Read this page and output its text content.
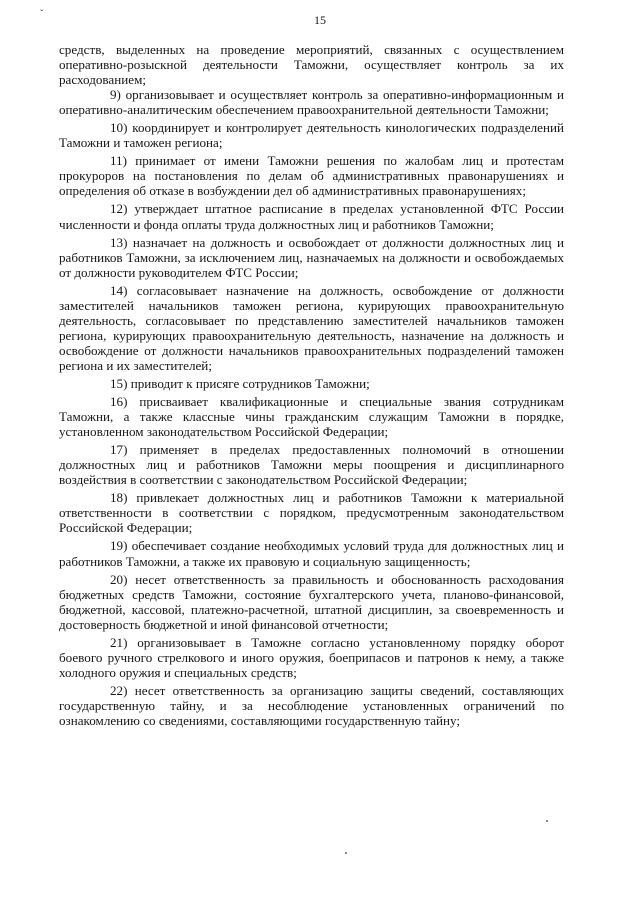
ˇ	15

средств, выделенных на проведение мероприятий, связанных с осуществлением оперативно-розыскной деятельности Таможни, осуществляет контроль за их расходованием;

9) организовывает и осуществляет контроль за оперативно-информационным и оперативно-аналитическим обеспечением правоохранительной деятельности Таможни;

10) координирует и контролирует деятельность кинологических подразделений Таможни и таможен региона;

11) принимает от имени Таможни решения по жалобам лиц и протестам прокуроров на постановления по делам об административных правонарушениях и определения об отказе в возбуждении дел об административных правонарушениях;

12) утверждает штатное расписание в пределах установленной ФТС России численности и фонда оплаты труда должностных лиц и работников Таможни;

13) назначает на должность и освобождает от должности должностных лиц и работников Таможни, за исключением лиц, назначаемых на должности и освобождаемых от должности руководителем ФТС России;

14) согласовывает назначение на должность, освобождение от должности заместителей начальников таможен региона, курирующих правоохранительную деятельность, согласовывает по представлению заместителей начальников таможен региона, курирующих правоохранительную деятельность, назначение на должность и освобождение от должности начальников правоохранительных подразделений таможен региона и их заместителей;

15) приводит к присяге сотрудников Таможни;

16) присваивает квалификационные и специальные звания сотрудникам Таможни, а также классные чины гражданским служащим Таможни в порядке, установленном законодательством Российской Федерации;

17) применяет в пределах предоставленных полномочий в отношении должностных лиц и работников Таможни меры поощрения и дисциплинарного воздействия в соответствии с законодательством Российской Федерации;

18) привлекает должностных лиц и работников Таможни к материальной ответственности в соответствии с порядком, предусмотренным законодательством Российской Федерации;

19) обеспечивает создание необходимых условий труда для должностных лиц и работников Таможни, а также их правовую и социальную защищенность;

20) несет ответственность за правильность и обоснованность расходования бюджетных средств Таможни, состояние бухгалтерского учета, планово-финансовой, бюджетной, кассовой, платежно-расчетной, штатной дисциплин, за своевременность и достоверность бюджетной и иной финансовой отчетности;

21) организовывает в Таможне согласно установленному порядку оборот боевого ручного стрелкового и иного оружия, боеприпасов и патронов к нему, а также холодного оружия и специальных средств;

22) несет ответственность за организацию защиты сведений, составляющих государственную тайну, и за несоблюдение установленных ограничений по ознакомлению со сведениями, составляющими государственную тайну;
